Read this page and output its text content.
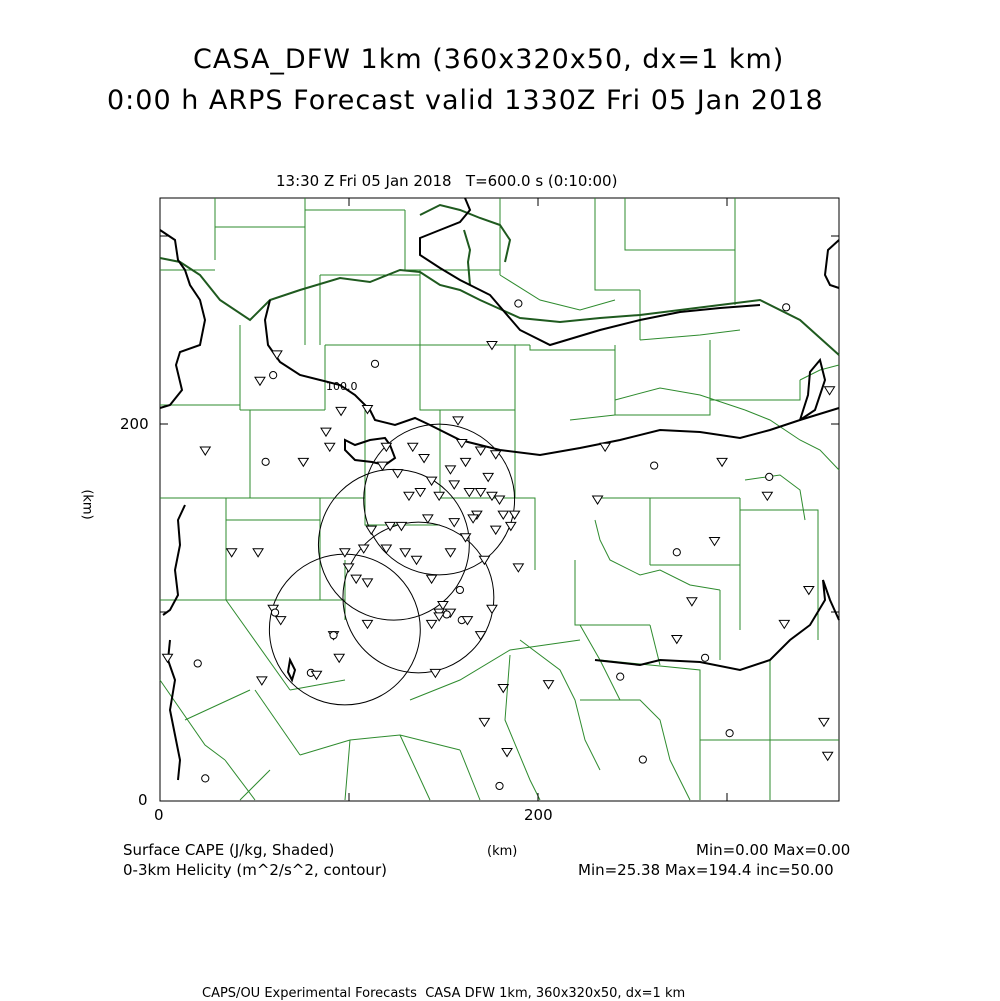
100.0
CASA_DFW 1km (360x320x50, dx=1 km)
0:00 h ARPS Forecast valid 1330Z Fri 05 Jan 2018
13:30 Z Fri 05 Jan 2018   T=600.0 s (0:10:00)
0	200
0
200
(km)
(km)
Surface CAPE (J/kg, Shaded)	Min=0.00 Max=0.00
0-3km Helicity (m^2/s^2, contour)	Min=25.38 Max=194.4 inc=50.00
CAPS/OU Experimental Forecasts  CASA DFW 1km, 360x320x50, dx=1 km
